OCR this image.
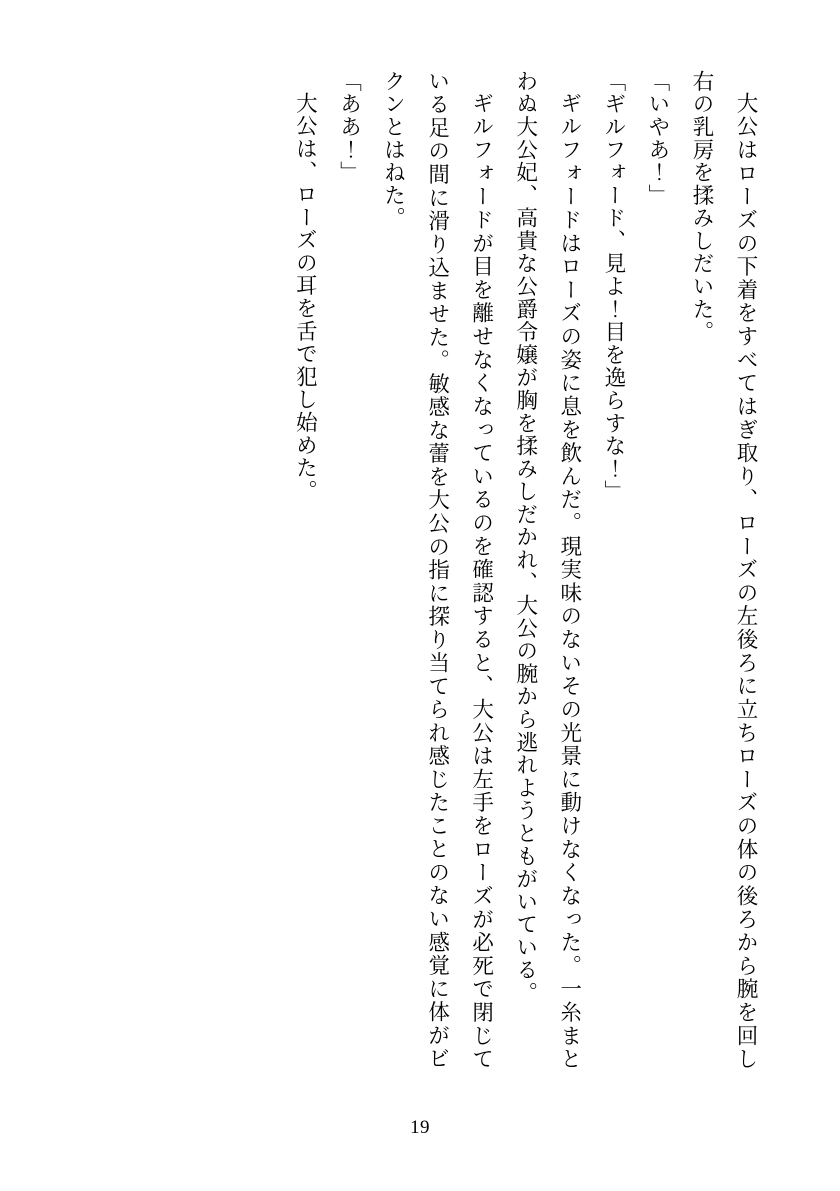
大公はローズの下着をすべてはぎ取り、ローズの左後ろに立ちローズの体の後ろから腕を回し右の乳房を揉みしだいた。

「いやあ！」

「ギルフォード、見よ！目を逸らすな！」

ギルフォードはローズの姿に息を飲んだ。現実味のないその光景に動けなくなった。一糸まとわぬ大公妃、高貴な公爵令嬢が胸を揉みしだかれ、大公の腕から逃れようともがいている。

ギルフォードが目を離せなくなっているのを確認すると、大公は左手をローズが必死で閉じている足の間に滑り込ませた。敏感な蕾を大公の指に探り当てられ感じたことのない感覚に体がビクンとはねた。

「ああ！」

大公は、ローズの耳を舌で犯し始めた。

19
